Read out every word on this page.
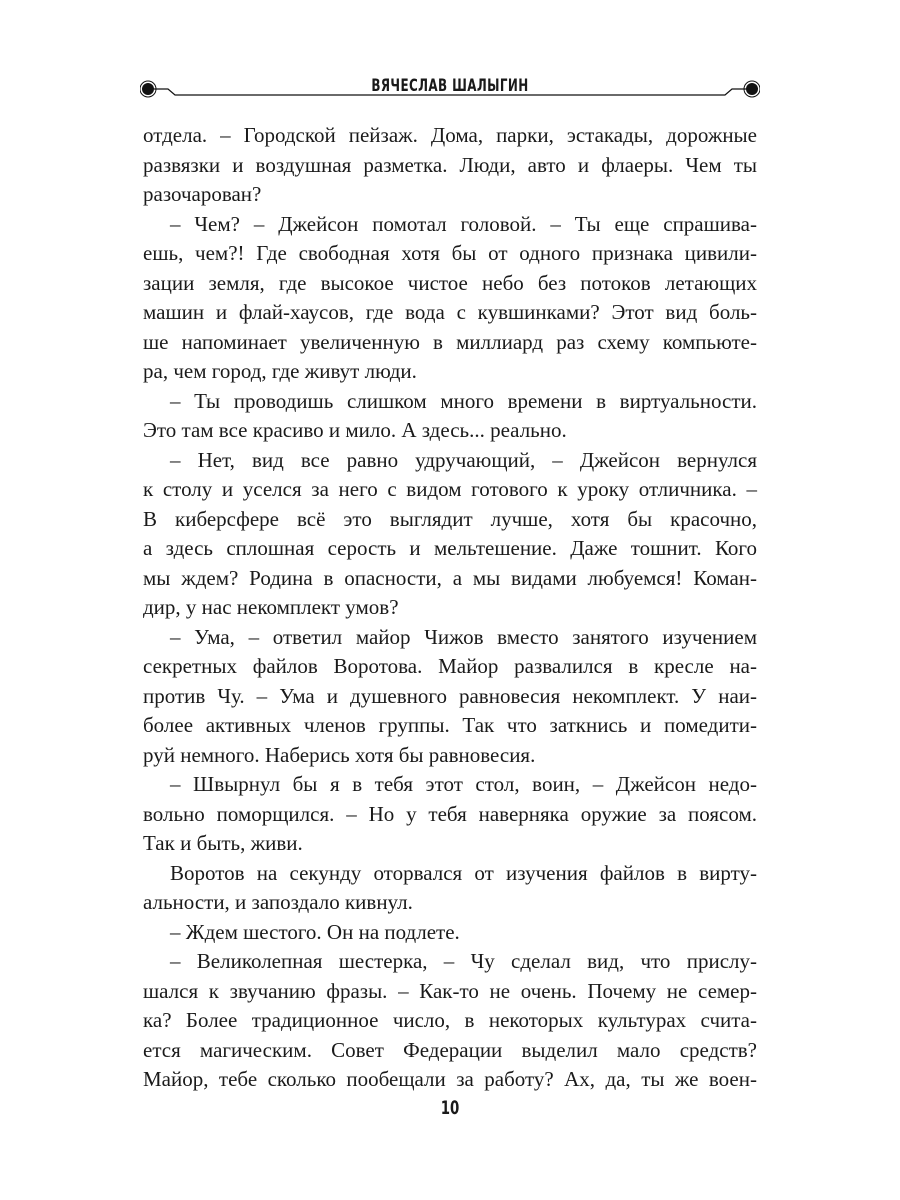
ВЯЧЕСЛАВ ШАЛЫГИН
отдела. – Городской пейзаж. Дома, парки, эстакады, дорожные
развязки и воздушная разметка. Люди, авто и флаеры. Чем ты
разочарован?
– Чем? – Джейсон помотал головой. – Ты еще спрашива-
ешь, чем?! Где свободная хотя бы от одного признака цивили-
зации земля, где высокое чистое небо без потоков летающих
машин и флай-хаусов, где вода с кувшинками? Этот вид боль-
ше напоминает увеличенную в миллиард раз схему компьюте-
ра, чем город, где живут люди.
– Ты проводишь слишком много времени в виртуальности.
Это там все красиво и мило. А здесь... реально.
– Нет, вид все равно удручающий, – Джейсон вернулся
к столу и уселся за него с видом готового к уроку отличника. –
В киберсфере всё это выглядит лучше, хотя бы красочно,
а здесь сплошная серость и мельтешение. Даже тошнит. Кого
мы ждем? Родина в опасности, а мы видами любуемся! Коман-
дир, у нас некомплект умов?
– Ума, – ответил майор Чижов вместо занятого изучением
секретных файлов Воротова. Майор развалился в кресле на-
против Чу. – Ума и душевного равновесия некомплект. У наи-
более активных членов группы. Так что заткнись и помедити-
руй немного. Наберись хотя бы равновесия.
– Швырнул бы я в тебя этот стол, воин, – Джейсон недо-
вольно поморщился. – Но у тебя наверняка оружие за поясом.
Так и быть, живи.
Воротов на секунду оторвался от изучения файлов в вирту-
альности, и запоздало кивнул.
– Ждем шестого. Он на подлете.
– Великолепная шестерка, – Чу сделал вид, что прислу-
шался к звучанию фразы. – Как-то не очень. Почему не семер-
ка? Более традиционное число, в некоторых культурах счита-
ется магическим. Совет Федерации выделил мало средств?
Майор, тебе сколько пообещали за работу? Ах, да, ты же воен-
10
